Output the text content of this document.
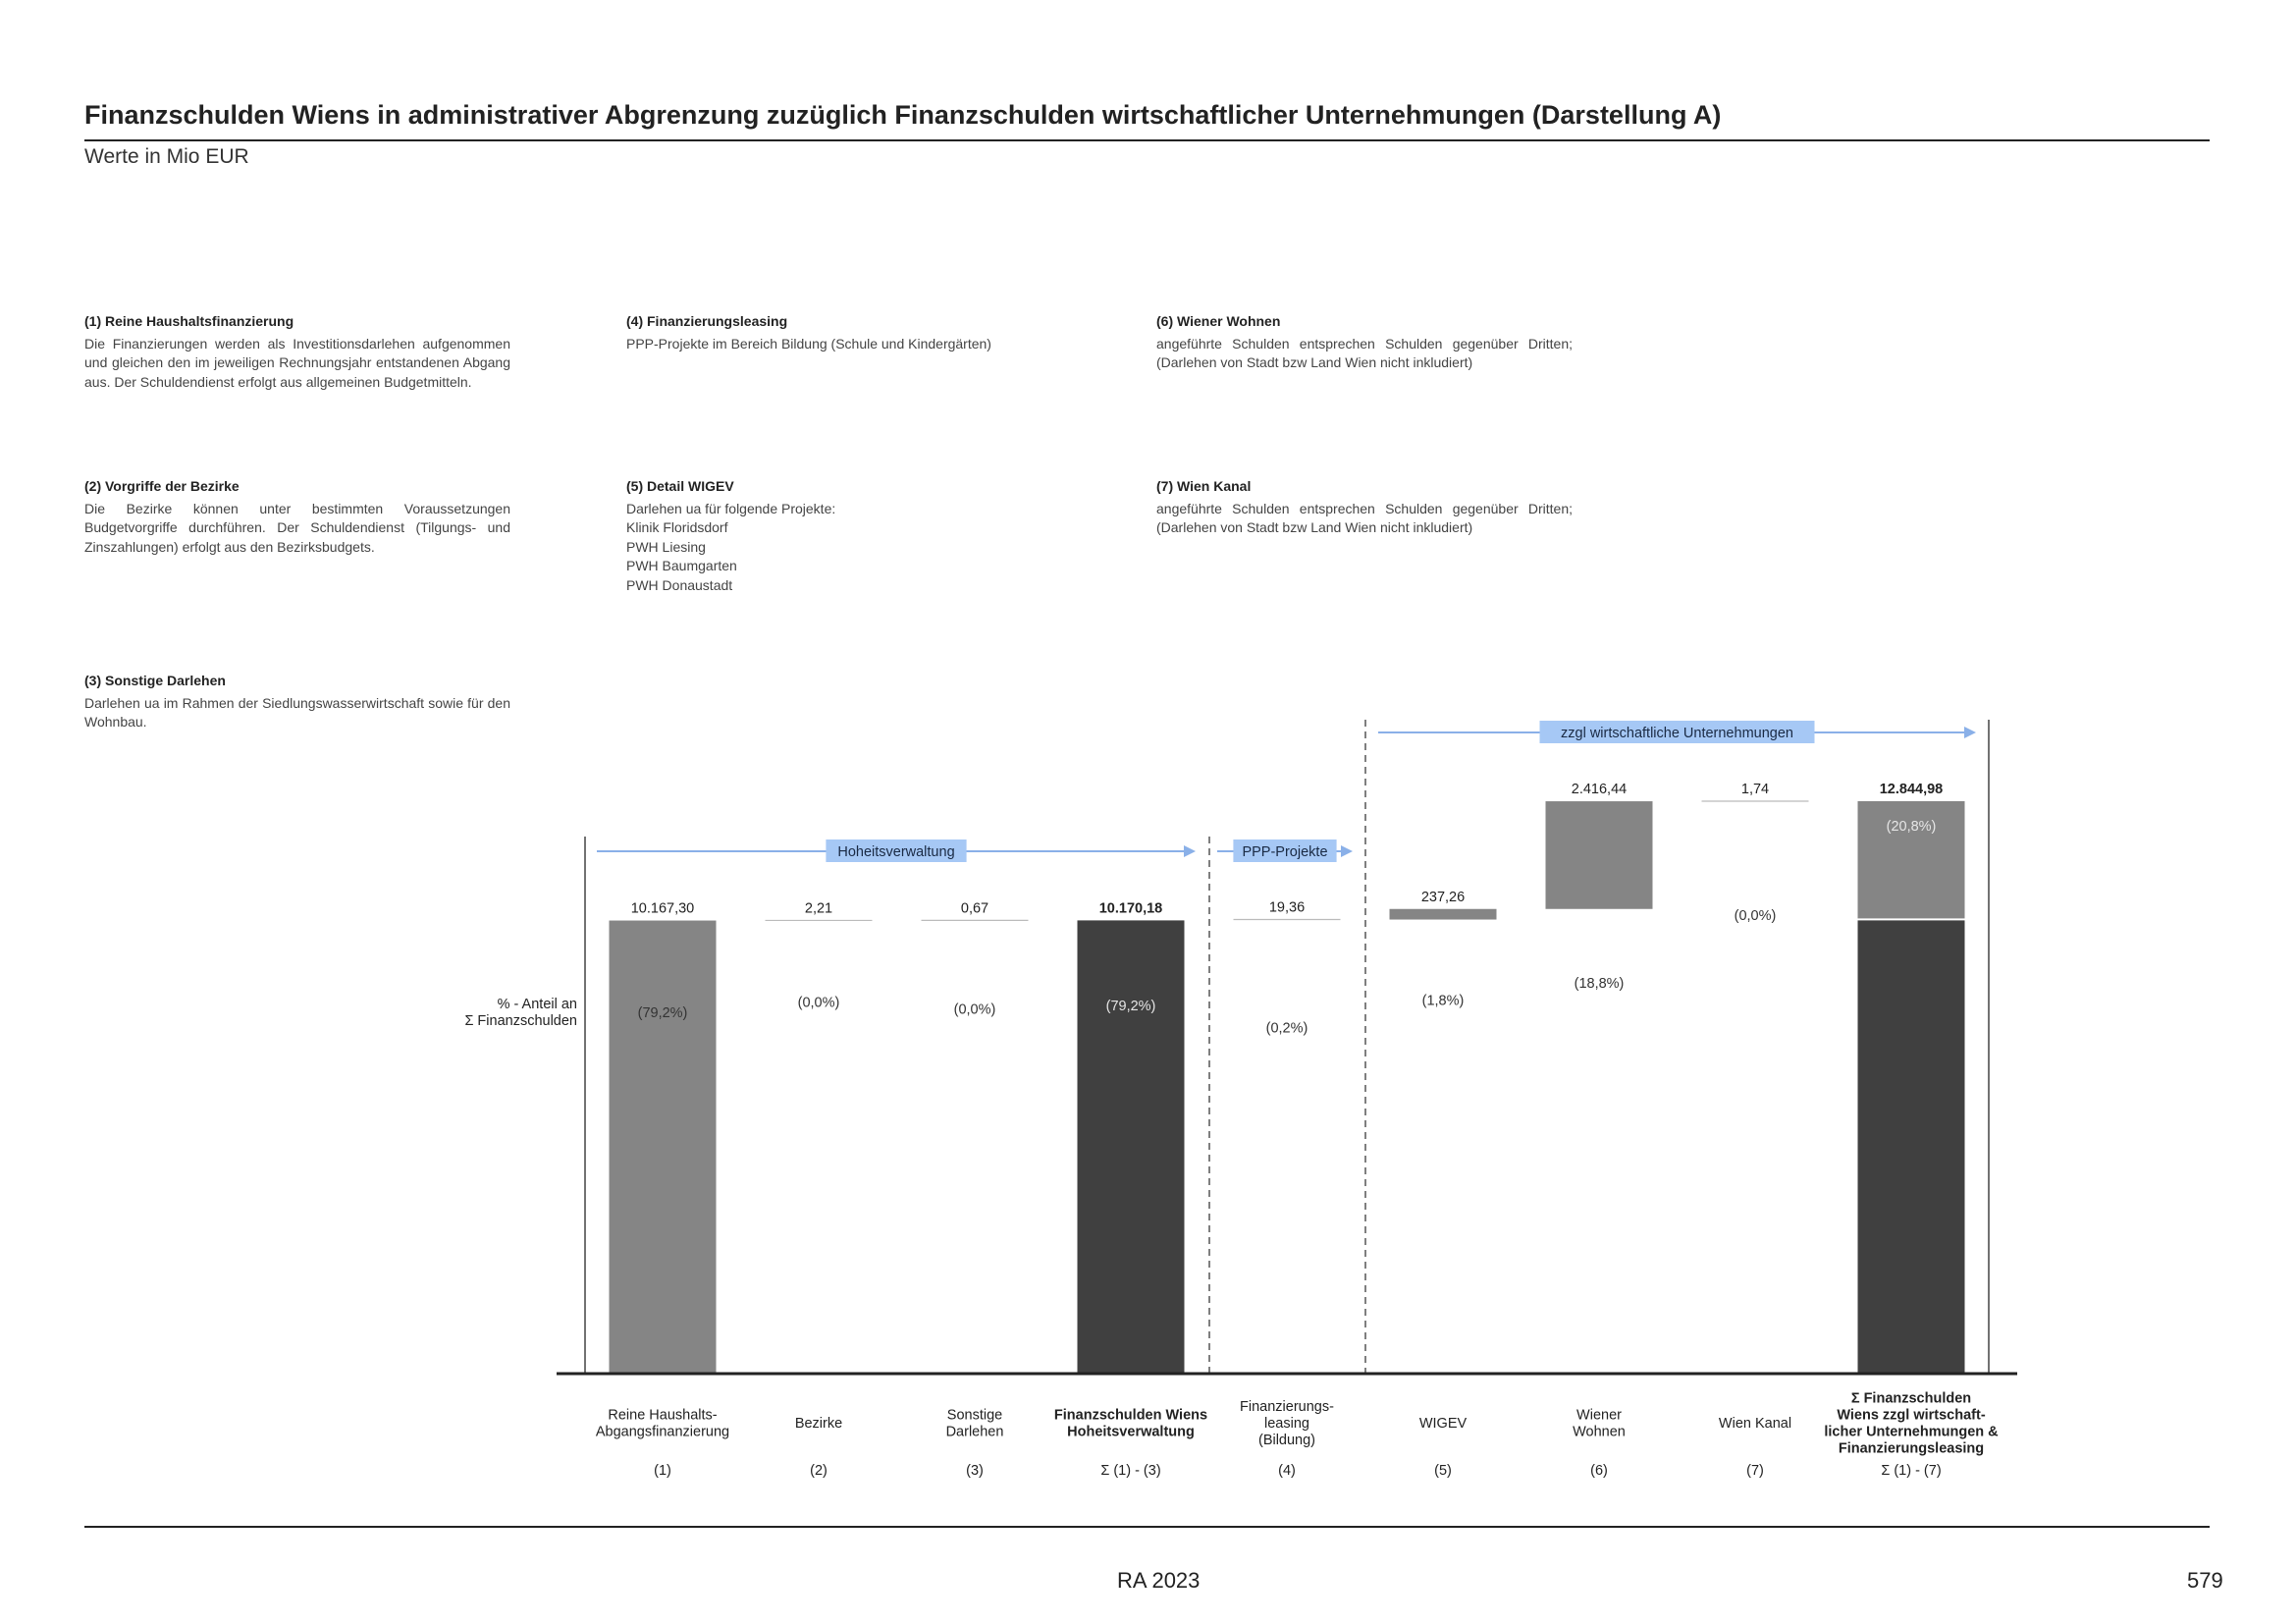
Finanzschulden Wiens in administrativer Abgrenzung zuzüglich Finanzschulden wirtschaftlicher Unternehmungen (Darstellung A)
Werte in Mio EUR
(1) Reine Haushaltsfinanzierung
Die Finanzierungen werden als Investitionsdarlehen aufgenommen und gleichen den im jeweiligen Rechnungsjahr entstandenen Abgang aus. Der Schuldendienst erfolgt aus allgemeinen Budgetmitteln.
(2) Vorgriffe der Bezirke
Die Bezirke können unter bestimmten Voraussetzungen Budgetvorgriffe durchführen. Der Schuldendienst (Tilgungs- und Zinszahlungen) erfolgt aus den Bezirksbudgets.
(3) Sonstige Darlehen
Darlehen ua im Rahmen der Siedlungswasserwirtschaft sowie für den Wohnbau.
(4) Finanzierungsleasing
PPP-Projekte im Bereich Bildung (Schule und Kindergärten)
(5) Detail WIGEV
Darlehen ua für folgende Projekte:
Klinik Floridsdorf
PWH Liesing
PWH Baumgarten
PWH Donaustadt
(6) Wiener Wohnen
angeführte Schulden entsprechen Schulden gegenüber Dritten; (Darlehen von Stadt bzw Land Wien nicht inkludiert)
(7) Wien Kanal
angeführte Schulden entsprechen Schulden gegenüber Dritten; (Darlehen von Stadt bzw Land Wien nicht inkludiert)
% - Anteil an
Σ Finanzschulden
10.167,30
(79,2%)
Reine Haushalts-
Abgangsfinanzierung
(1)
2,21
(0,0%)
Bezirke
(2)
0,67
(0,0%)
Sonstige
Darlehen
(3)
10.170,18
(79,2%)
Finanzschulden Wiens
Hoheitsverwaltung
Σ (1) - (3)
19,36
(0,2%)
Finanzierungs-
leasing
(Bildung)
(4)
237,26
(1,8%)
WIGEV
(5)
2.416,44
(18,8%)
Wiener
Wohnen
(6)
1,74
(0,0%)
Wien Kanal
(7)
12.844,98
(20,8%)
Σ Finanzschulden
Wiens zzgl wirtschaft-
licher Unternehmungen &
Finanzierungsleasing
Σ (1) - (7)
Hoheitsverwaltung	PPP-Projekte
zzgl wirtschaftliche Unternehmungen
RA 2023	579
